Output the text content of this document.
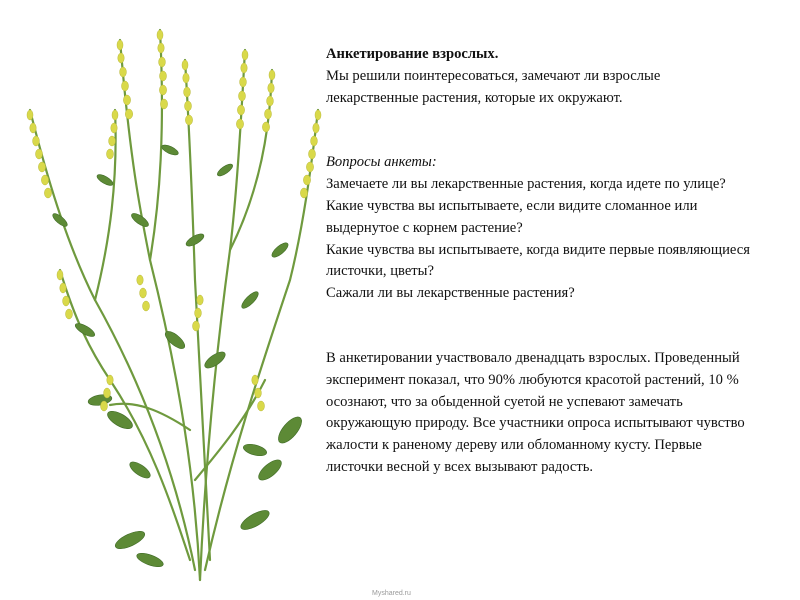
Анкетирование взрослых.

Мы решили поинтересоваться, замечают ли взрослые лекарственные растения, которые их окружают.

Вопросы анкеты:

Замечаете ли вы лекарственные растения, когда идете по улице?

Какие чувства вы испытываете, если видите сломанное или выдернутое с корнем растение?

Какие чувства вы испытываете, когда видите первые появляющиеся листочки, цветы?

Сажали ли вы лекарственные растения?

В анкетировании участвовало двенадцать взрослых. Проведенный эксперимент показал, что 90% любуются красотой растений, 10 % осознают, что за обыденной суетой не успевают замечать окружающую природу. Все участники опроса испытывают чувство жалости к раненому дереву или обломанному кусту. Первые листочки весной у всех вызывают радость.

Myshared.ru
